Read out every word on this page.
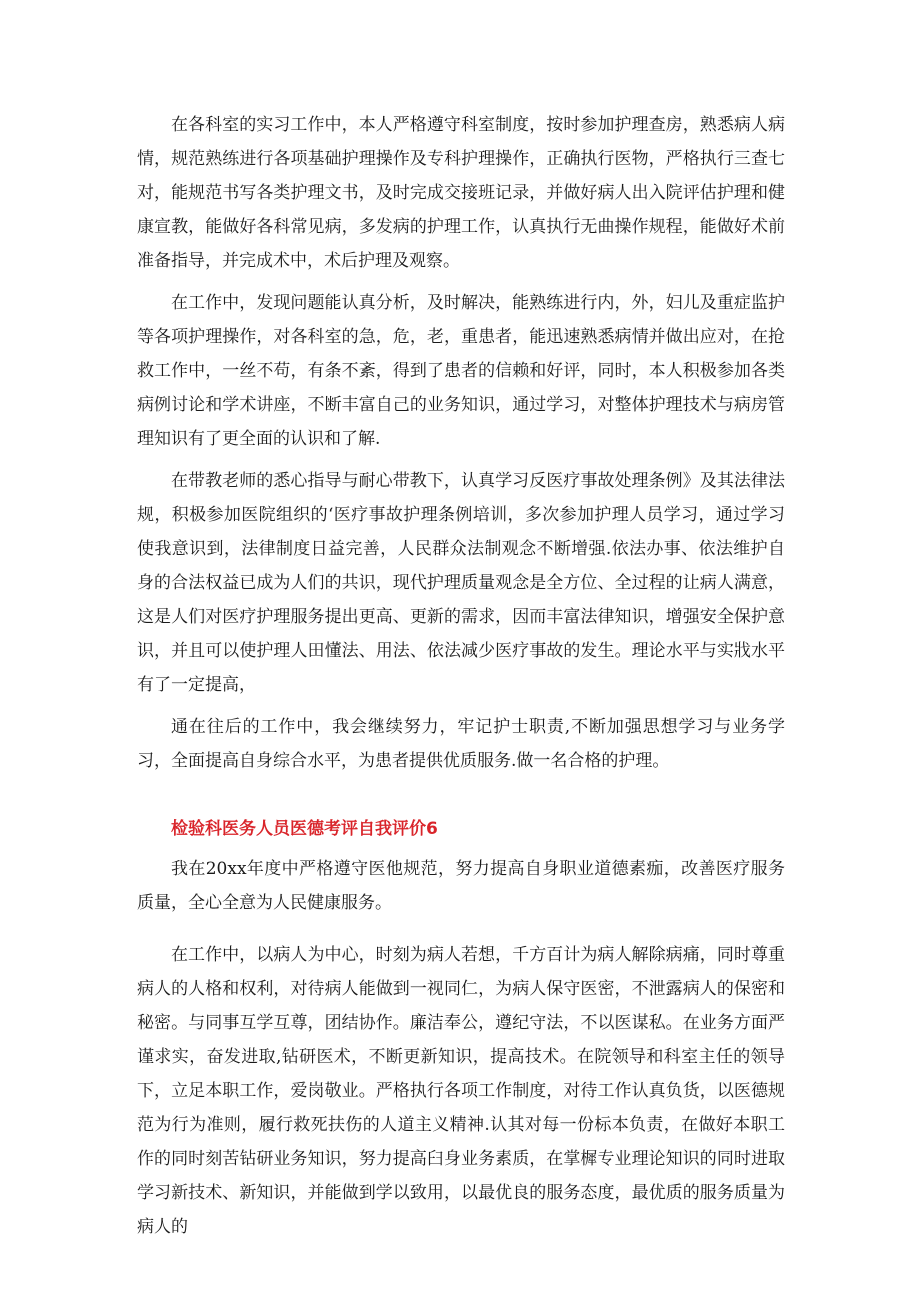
在各科室的实习工作中，本人严格遵守科室制度，按时参加护理查房，熟悉病人病情，规范熟练进行各项基础护理操作及专科护理操作，正确执行医物，严格执行三查七对，能规范书写各类护理文书，及时完成交接班记录，并做好病人出入院评估护理和健康宣教，能做好各科常见病，多发病的护理工作，认真执行无曲操作规程，能做好术前准备指导，并完成术中，术后护理及观察。

在工作中，发现问题能认真分析，及时解决，能熟练进行内，外，妇儿及重症监护等各项护理操作，对各科室的急，危，老，重患者，能迅速熟悉病情并做出应对，在抢救工作中，一丝不苟，有条不紊，得到了患者的信赖和好评，同时，本人积极参加各类病例讨论和学术讲座，不断丰富自己的业务知识，通过学习，对整体护理技术与病房管理知识有了更全面的认识和了解.

在带教老师的悉心指导与耐心带教下，认真学习反医疗事故处理条例》及其法律法规，积极参加医院组织的‘医疗事故护理条例培训，多次参加护理人员学习，通过学习使我意识到，法律制度日益完善，人民群众法制观念不断增强.依法办事、依法维护自身的合法权益已成为人们的共识，现代护理质量观念是全方位、全过程的让病人满意，这是人们对医疗护理服务提出更高、更新的需求，因而丰富法律知识，增强安全保护意识，并且可以使护理人田懂法、用法、依法减少医疗事故的发生。理论水平与实戕水平有了一定提高，

通在往后的工作中，我会继续努力，牢记护士职责,不断加强思想学习与业务学习，全面提高自身综合水平，为患者提供优质服务.做一名合格的护理。

检验科医务人员医德考评自我评价6

我在20xx年度中严格遵守医他规范，努力提高自身职业道德素痂，改善医疗服务质量，全心全意为人民健康服务。

在工作中，以病人为中心，时刻为病人若想，千方百计为病人解除病痛，同时尊重病人的人格和权利，对待病人能做到一视同仁，为病人保守医密，不泄露病人的保密和秘密。与同事互学互尊，团结协作。廉洁奉公，遵纪守法，不以医谋私。在业务方面严谨求实，奋发进取,钻研医术，不断更新知识，提高技术。在院领导和科室主任的领导下，立足本职工作，爱岗敬业。严格执行各项工作制度，对待工作认真负货，以医德规范为行为准则，履行救死扶伤的人道主义精神.认其对每一份标本负责，在做好本职工作的同时刻苦钻研业务知识，努力提高臼身业务素质，在掌樨专业理论知识的同时进取学习新技术、新知识，并能做到学以致用，以最优良的服务态度，最优质的服务质量为病人的
